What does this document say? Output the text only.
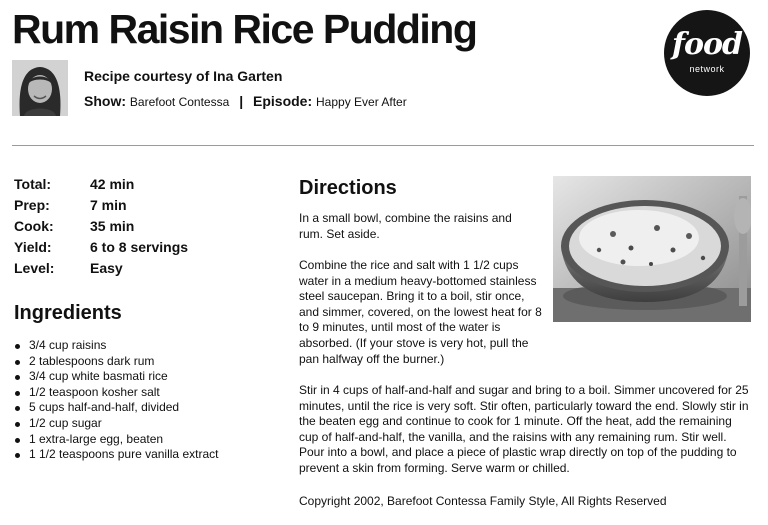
Rum Raisin Rice Pudding	food
network
Recipe courtesy of Ina Garten
Show: Barefoot Contessa | Episode: Happy Ever After
Total:	42 min
Prep:	7 min
Cook:	35 min
Yield:	6 to 8 servings
Level:	Easy
Ingredients
3/4 cup raisins
2 tablespoons dark rum
3/4 cup white basmati rice
1/2 teaspoon kosher salt
5 cups half-and-half, divided
1/2 cup sugar
1 extra-large egg, beaten
1 1/2 teaspoons pure vanilla extract
Directions

In a small bowl, combine the raisins and rum. Set aside.

Combine the rice and salt with 1 1/2 cups water in a medium heavy-bottomed stainless steel saucepan. Bring it to a boil, stir once, and simmer, covered, on the lowest heat for 8 to 9 minutes, until most of the water is absorbed. (If your stove is very hot, pull the pan halfway off the burner.)

Stir in 4 cups of half-and-half and sugar and bring to a boil. Simmer uncovered for 25 minutes, until the rice is very soft. Stir often, particularly toward the end. Slowly stir in the beaten egg and continue to cook for 1 minute. Off the heat, add the remaining cup of half-and-half, the vanilla, and the raisins with any remaining rum. Stir well. Pour into a bowl, and place a piece of plastic wrap directly on top of the pudding to prevent a skin from forming. Serve warm or chilled.

Copyright 2002, Barefoot Contessa Family Style, All Rights Reserved
